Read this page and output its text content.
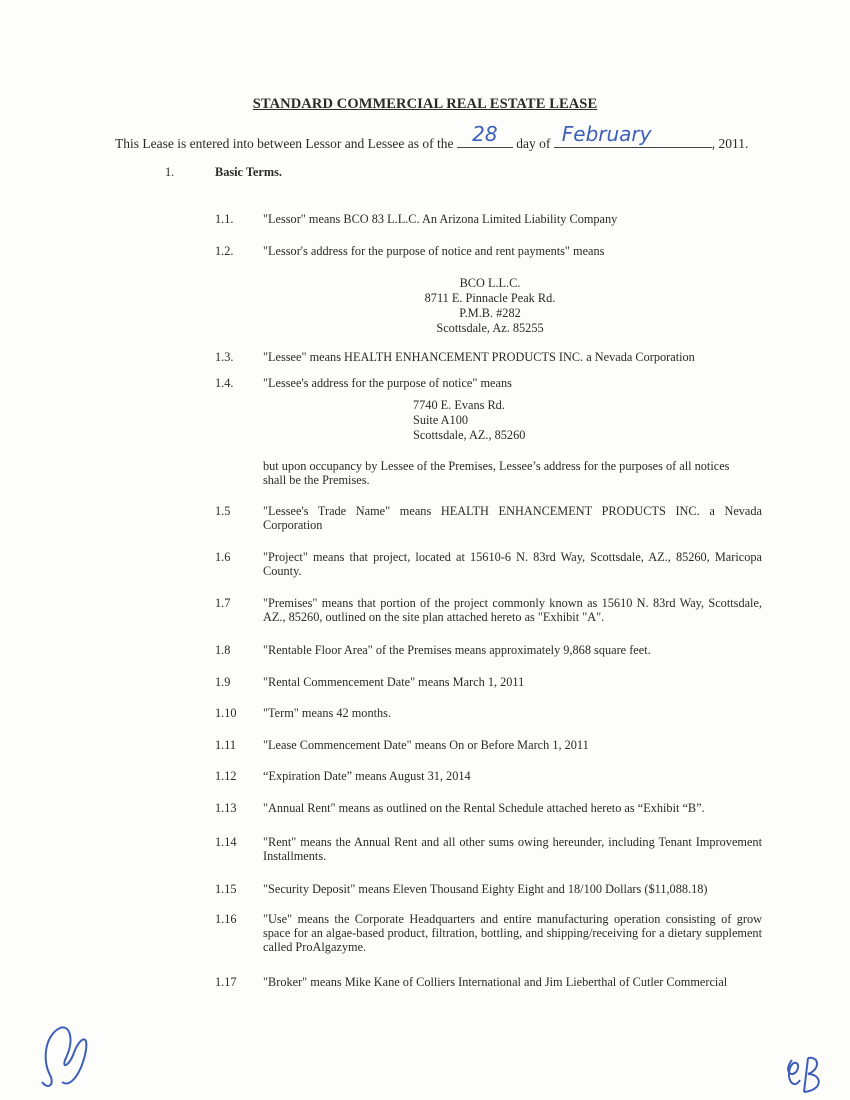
STANDARD COMMERCIAL REAL ESTATE LEASE
This Lease is entered into between Lessor and Lessee as of the 28	day of February	, 2011.
1.	Basic Terms.
1.1. "Lessor" means BCO 83 L.L.C. An Arizona Limited Liability Company
1.2. "Lessor's address for the purpose of notice and rent payments" means
1.3. "Lessee" means HEALTH ENHANCEMENT PRODUCTS INC. a Nevada Corporation
1.4. "Lessee's address for the purpose of notice" means
1.5	"Lessee's Trade Name" means HEALTH ENHANCEMENT PRODUCTS INC. a Nevada Corporation
1.6	"Project" means that project, located at 15610-6 N. 83rd Way, Scottsdale, AZ., 85260, Maricopa County.
1.7	"Premises" means that portion of the project commonly known as 15610 N. 83rd Way, Scottsdale, AZ., 85260, outlined on the site plan attached hereto as "Exhibit "A".
1.8	"Rentable Floor Area" of the Premises means approximately 9,868 square feet.
1.9	"Rental Commencement Date" means March 1, 2011
1.10 "Term" means 42 months.
1.11 "Lease Commencement Date" means On or Before March 1, 2011
1.12 “Expiration Date” means August 31, 2014
1.13 "Annual Rent" means as outlined on the Rental Schedule attached hereto as “Exhibit “B”.
1.14 "Rent" means the Annual Rent and all other sums owing hereunder, including Tenant Improvement Installments.
1.15 "Security Deposit" means Eleven Thousand Eighty Eight and 18/100 Dollars ($11,088.18)
1.16 "Use" means the Corporate Headquarters and entire manufacturing operation consisting of grow space for an algae-based product, filtration, bottling, and shipping/receiving for a dietary supplement called ProAlgazyme.
1.17 "Broker" means Mike Kane of Colliers International and Jim Lieberthal of Cutler Commercial
BCO L.L.C.
8711 E. Pinnacle Peak Rd.
P.M.B. #282
Scottsdale, Az. 85255
7740 E. Evans Rd.
Suite A100
Scottsdale, AZ., 85260
but upon occupancy by Lessee of the Premises, Lessee’s address for the purposes of all notices shall be the Premises.
